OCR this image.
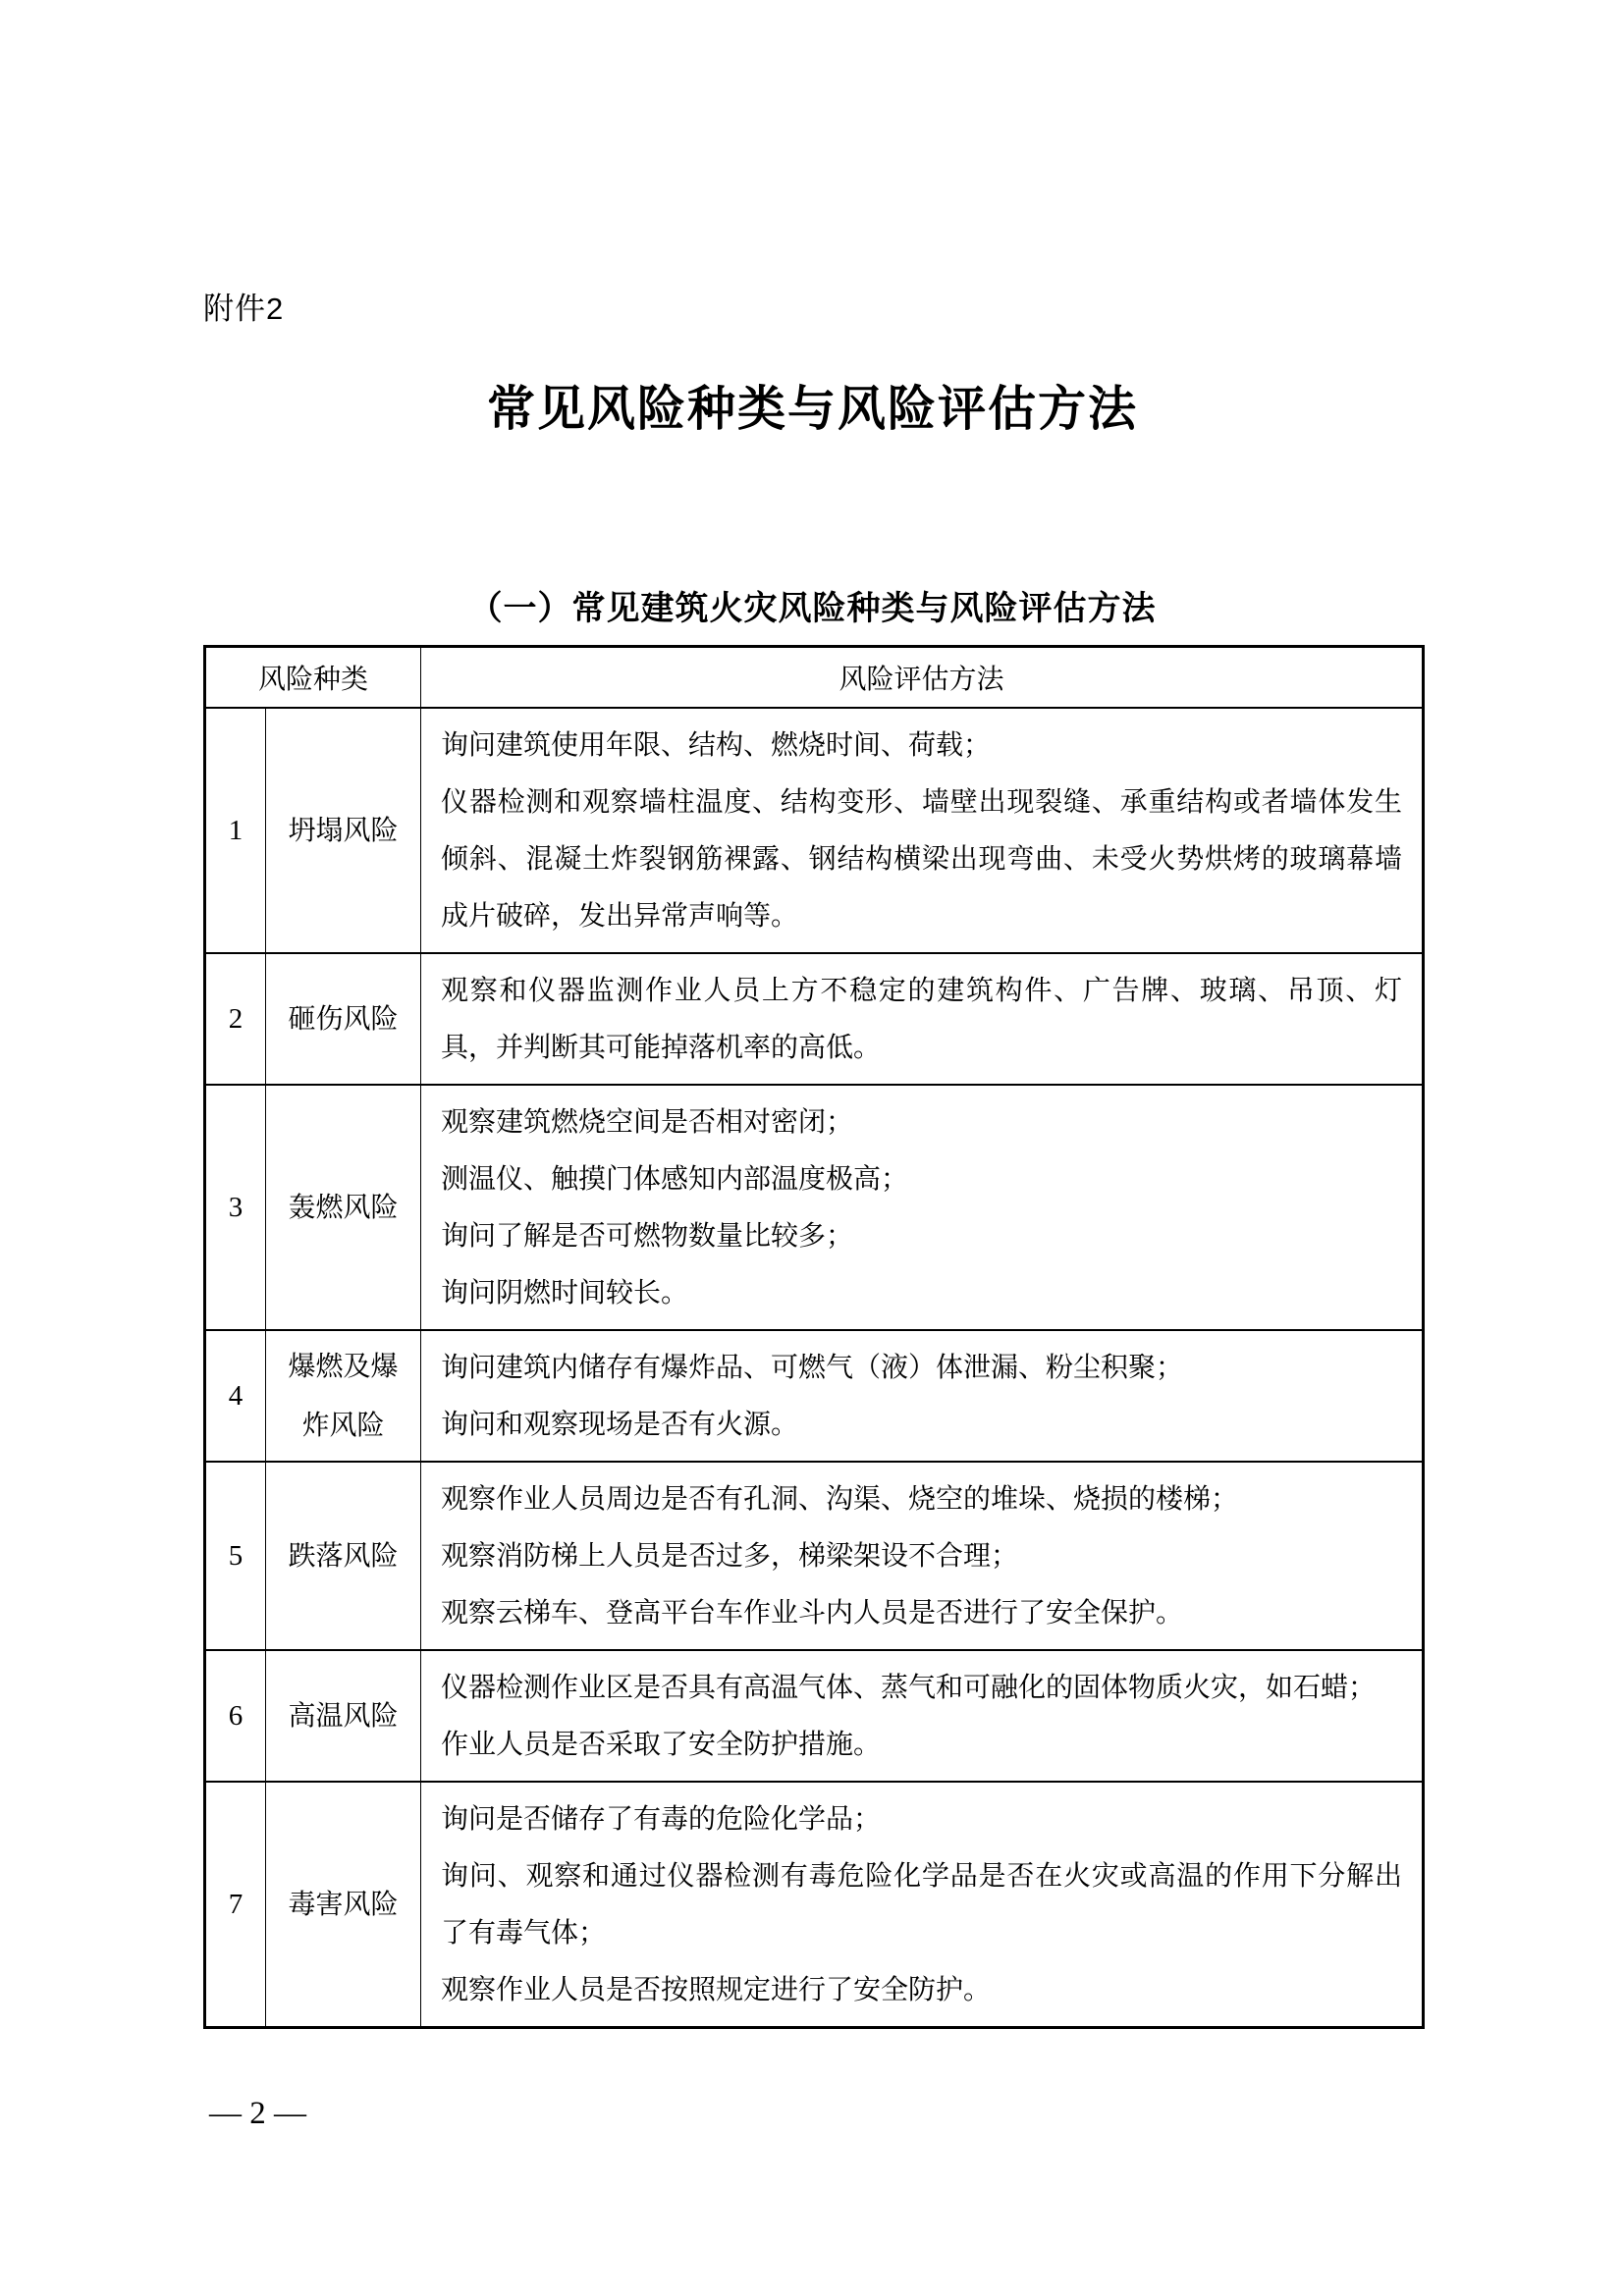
附件2
常见风险种类与风险评估方法
（一）常见建筑火灾风险种类与风险评估方法
风险种类		风险评估方法
1	坍塌风险	询问建筑使用年限、结构、燃烧时间、荷载；

仪器检测和观察墙柱温度、结构变形、墙壁出现裂缝、承重结构或者墙体发生倾斜、混凝土炸裂钢筋裸露、钢结构横梁出现弯曲、未受火势烘烤的玻璃幕墙成片破碎，发出异常声响等。

2	砸伤风险	观察和仪器监测作业人员上方不稳定的建筑构件、广告牌、玻璃、吊顶、灯具，并判断其可能掉落机率的高低。

3	轰燃风险	观察建筑燃烧空间是否相对密闭；

测温仪、触摸门体感知内部温度极高；

询问了解是否可燃物数量比较多；

询问阴燃时间较长。

4	爆燃及爆炸风险	询问建筑内储存有爆炸品、可燃气（液）体泄漏、粉尘积聚；

询问和观察现场是否有火源。

5	跌落风险	观察作业人员周边是否有孔洞、沟渠、烧空的堆垛、烧损的楼梯；

观察消防梯上人员是否过多，梯梁架设不合理；

观察云梯车、登高平台车作业斗内人员是否进行了安全保护。

6	高温风险	仪器检测作业区是否具有高温气体、蒸气和可融化的固体物质火灾，如石蜡；

作业人员是否采取了安全防护措施。

7	毒害风险	询问是否储存了有毒的危险化学品；

询问、观察和通过仪器检测有毒危险化学品是否在火灾或高温的作用下分解出了有毒气体；

观察作业人员是否按照规定进行了安全防护。

— 2 —
